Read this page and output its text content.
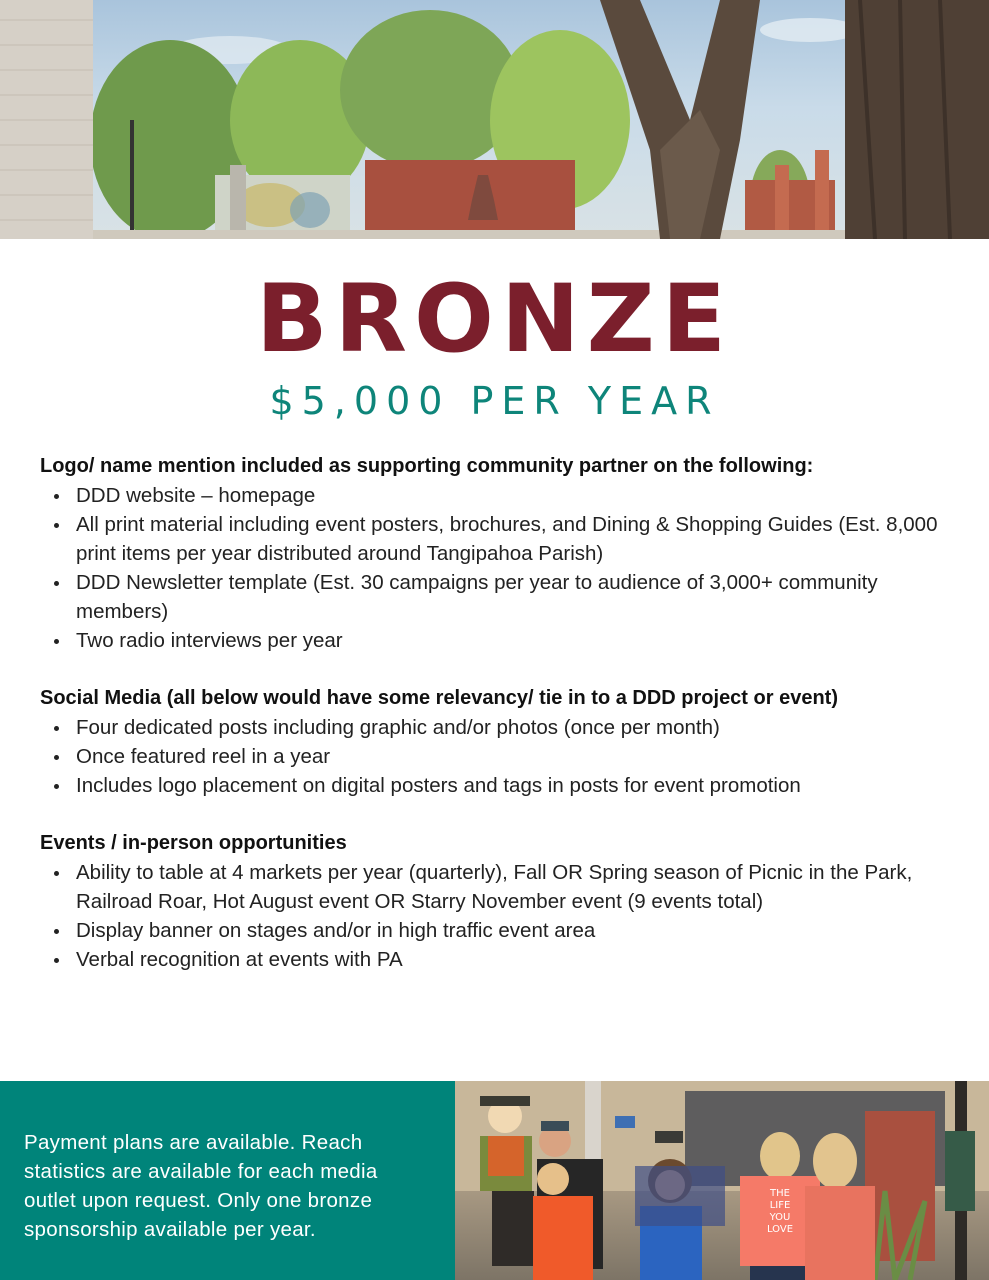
BRONZE
$5,000 PER YEAR
Logo/ name mention included as supporting community partner on the following:
DDD website – homepage
All print material including event posters, brochures, and Dining & Shopping Guides (Est. 8,000 print items per year distributed around Tangipahoa Parish)
DDD Newsletter template (Est. 30 campaigns per year to audience of 3,000+ community members)
Two radio interviews per year
Social Media (all below would have some relevancy/ tie in to a DDD project or event)
Four dedicated posts including graphic and/or photos (once per month)
Once featured reel in a year
Includes logo placement on digital posters and tags in posts for event promotion
Events / in-person opportunities
Ability to table at 4 markets per year (quarterly), Fall OR Spring season of Picnic in the Park, Railroad Roar, Hot August event OR Starry November event (9 events total)
Display banner on stages and/or in high traffic event area
Verbal recognition at events with PA

Payment plans are available. Reach statistics are available for each media outlet upon request. Only one bronze sponsorship available per year.

THE
LIFE
YOU
LOVE
